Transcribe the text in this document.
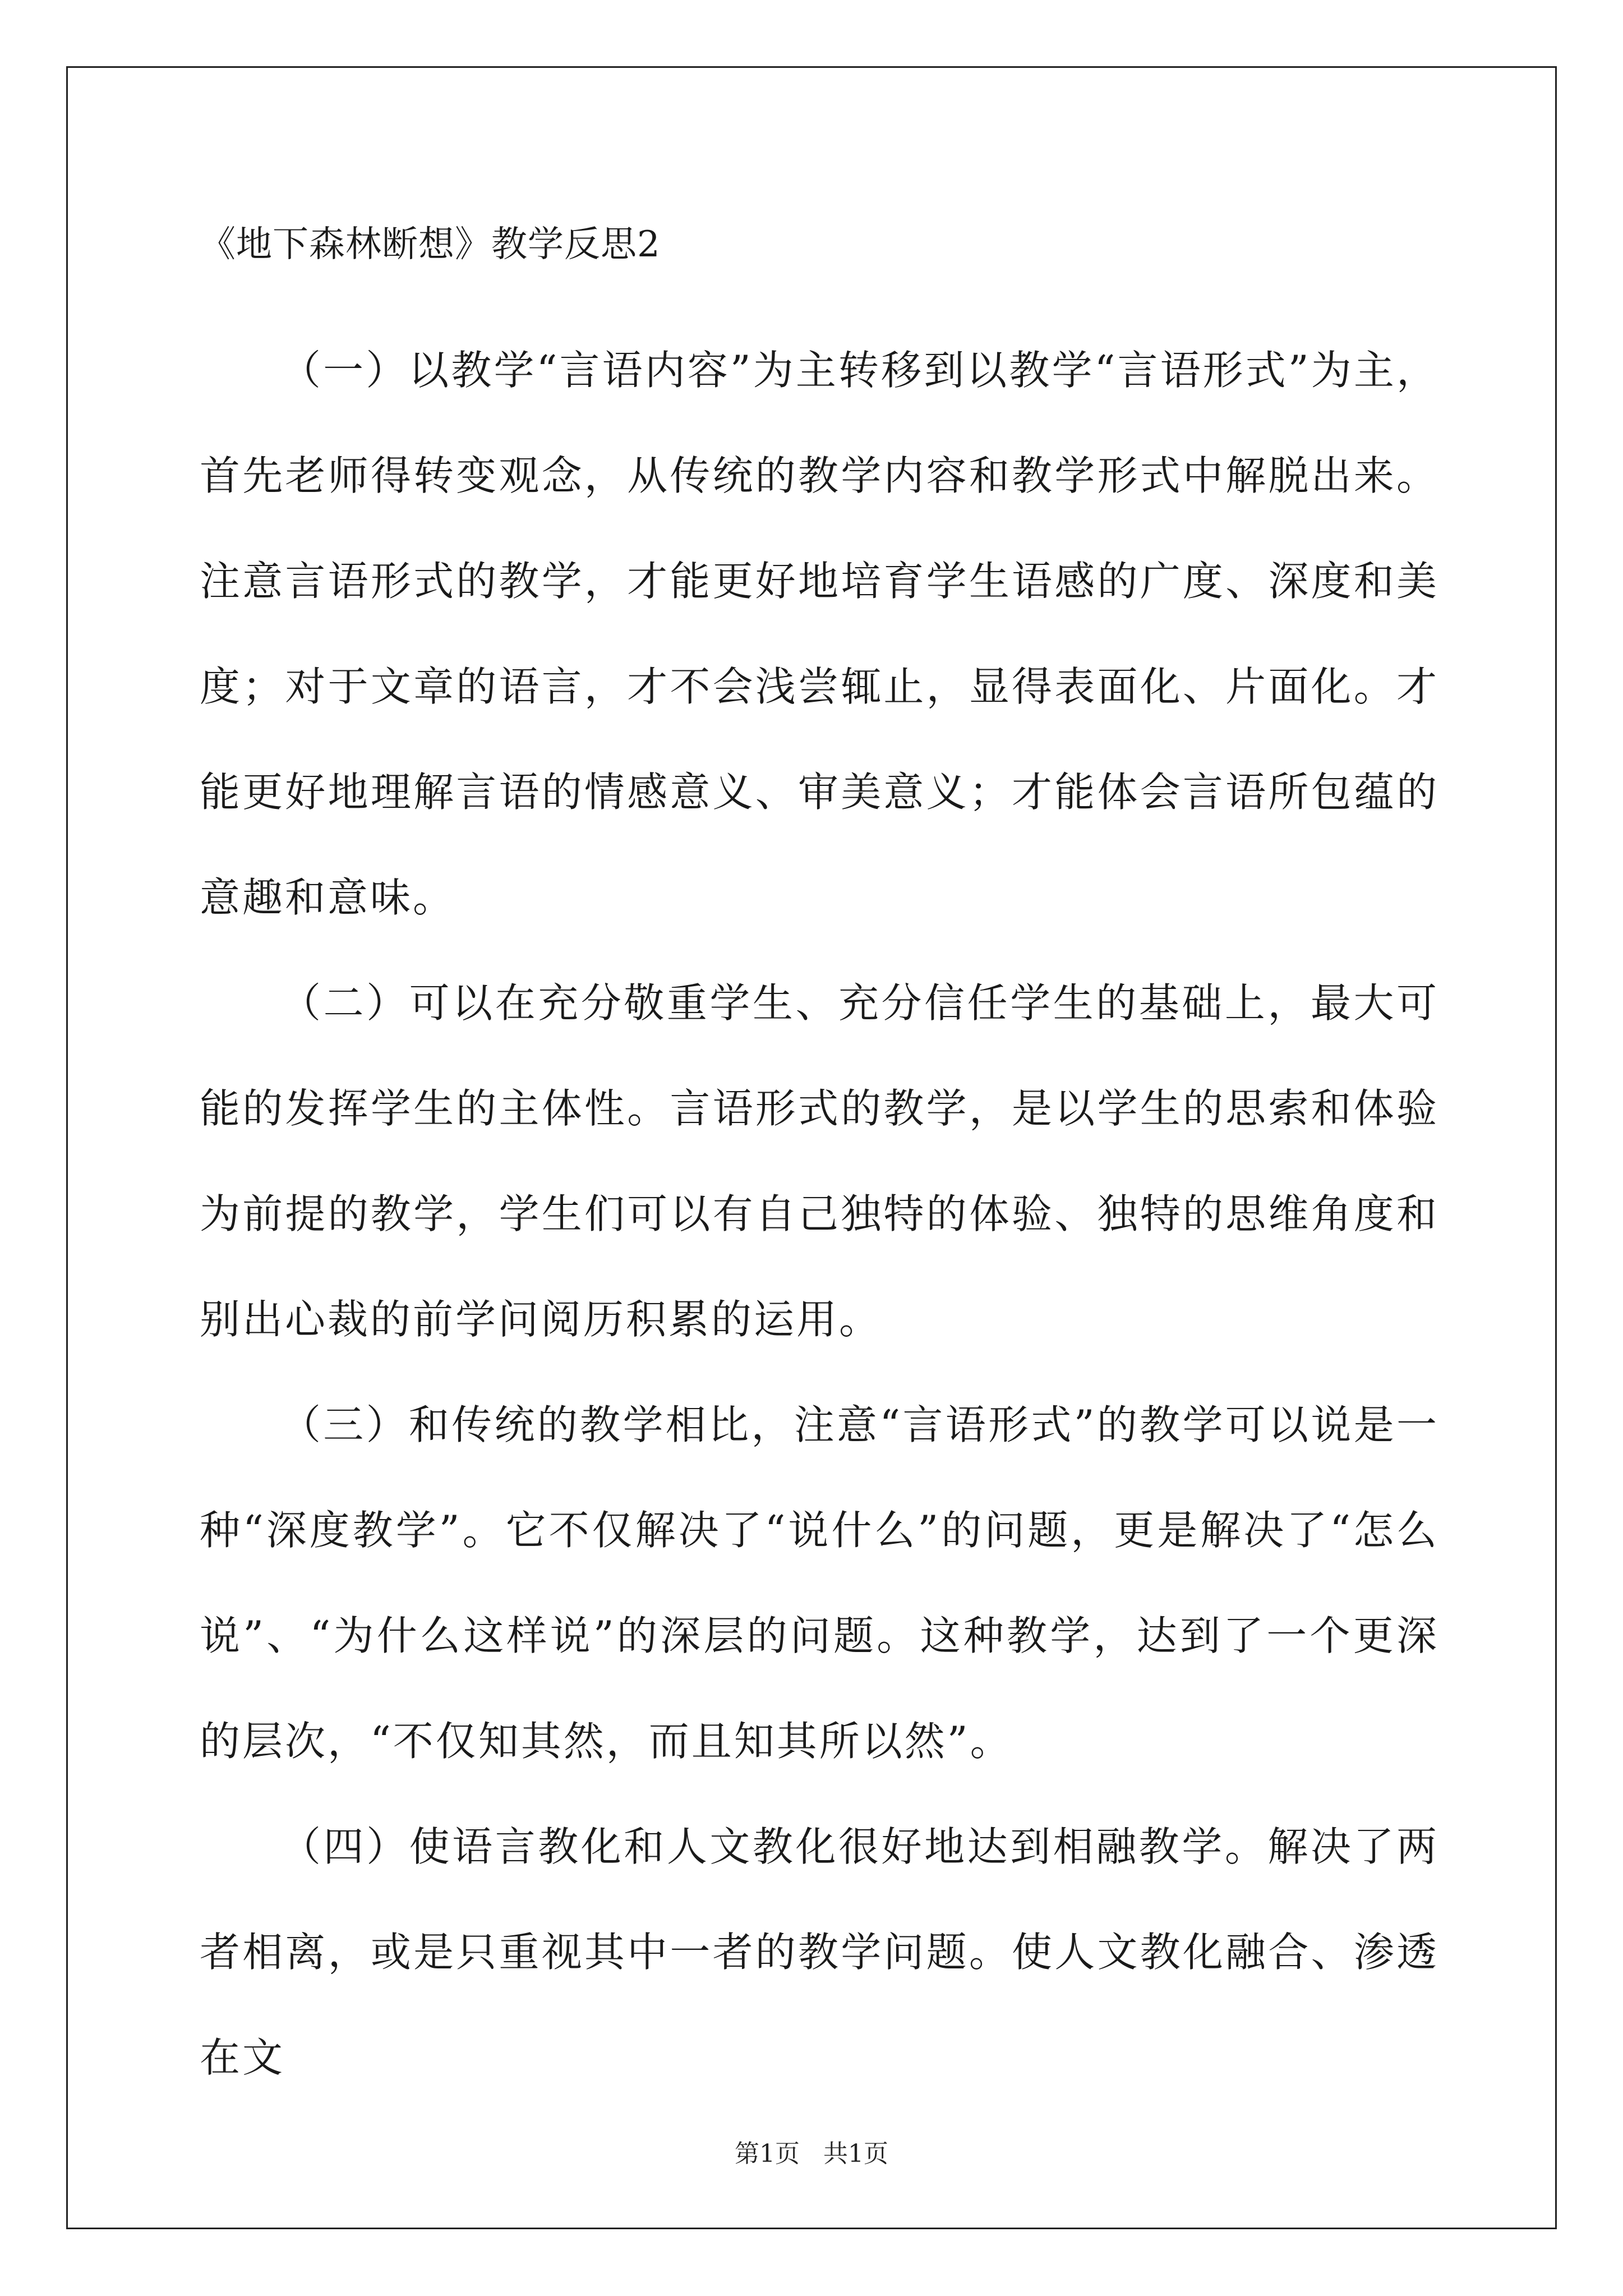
《地下森林断想》教学反思2

（一）以教学“言语内容”为主转移到以教学“言语形式”为主，首先老师得转变观念，从传统的教学内容和教学形式中解脱出来。注意言语形式的教学，才能更好地培育学生语感的广度、深度和美度；对于文章的语言，才不会浅尝辄止，显得表面化、片面化。才能更好地理解言语的情感意义、审美意义；才能体会言语所包蕴的意趣和意味。

（二）可以在充分敬重学生、充分信任学生的基础上，最大可能的发挥学生的主体性。言语形式的教学，是以学生的思索和体验为前提的教学，学生们可以有自己独特的体验、独特的思维角度和别出心裁的前学问阅历积累的运用。

（三）和传统的教学相比，注意“言语形式”的教学可以说是一种“深度教学”。它不仅解决了“说什么”的问题，更是解决了“怎么说”、“为什么这样说”的深层的问题。这种教学，达到了一个更深的层次，“不仅知其然，而且知其所以然”。

（四）使语言教化和人文教化很好地达到相融教学。解决了两者相离，或是只重视其中一者的教学问题。使人文教化融合、渗透在文

第1页 共1页
